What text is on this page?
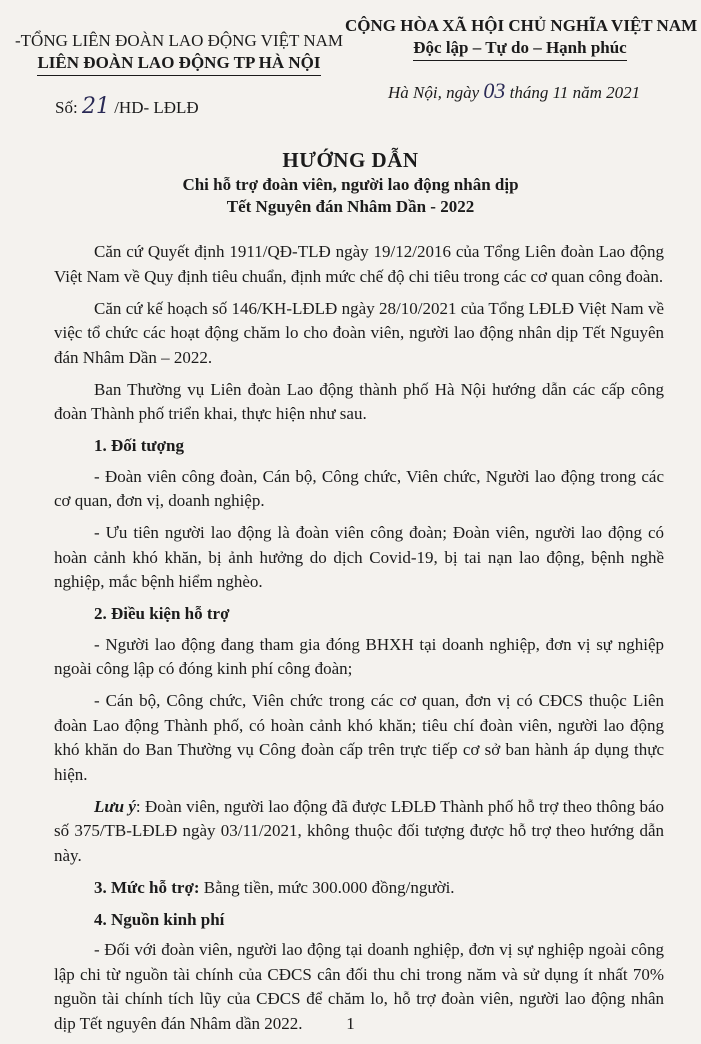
-TỔNG LIÊN ĐOÀN LAO ĐỘNG VIỆT NAM
LIÊN ĐOÀN LAO ĐỘNG TP HÀ NỘI
CỘNG HÒA XÃ HỘI CHỦ NGHĨA VIỆT NAM
Độc lập – Tự do – Hạnh phúc
Số: 21 /HD- LĐLĐ
Hà Nội, ngày 03 tháng 11 năm 2021
HƯỚNG DẪN
Chi hỗ trợ đoàn viên, người lao động nhân dịp
Tết Nguyên đán Nhâm Dần - 2022

Căn cứ Quyết định 1911/QĐ-TLĐ ngày 19/12/2016 của Tổng Liên đoàn Lao động Việt Nam về Quy định tiêu chuẩn, định mức chế độ chi tiêu trong các cơ quan công đoàn.

Căn cứ kế hoạch số 146/KH-LĐLĐ ngày 28/10/2021 của Tổng LĐLĐ Việt Nam về việc tổ chức các hoạt động chăm lo cho đoàn viên, người lao động nhân dịp Tết Nguyên đán Nhâm Dần – 2022.

Ban Thường vụ Liên đoàn Lao động thành phố Hà Nội hướng dẫn các cấp công đoàn Thành phố triển khai, thực hiện như sau.

1. Đối tượng

- Đoàn viên công đoàn, Cán bộ, Công chức, Viên chức, Người lao động trong các cơ quan, đơn vị, doanh nghiệp.

- Ưu tiên người lao động là đoàn viên công đoàn; Đoàn viên, người lao động có hoàn cảnh khó khăn, bị ảnh hưởng do dịch Covid-19, bị tai nạn lao động, bệnh nghề nghiệp, mắc bệnh hiểm nghèo.

2. Điều kiện hỗ trợ

- Người lao động đang tham gia đóng BHXH tại doanh nghiệp, đơn vị sự nghiệp ngoài công lập có đóng kinh phí công đoàn;

- Cán bộ, Công chức, Viên chức trong các cơ quan, đơn vị có CĐCS thuộc Liên đoàn Lao động Thành phố, có hoàn cảnh khó khăn; tiêu chí đoàn viên, người lao động khó khăn do Ban Thường vụ Công đoàn cấp trên trực tiếp cơ sở ban hành áp dụng thực hiện.

Lưu ý: Đoàn viên, người lao động đã được LĐLĐ Thành phố hỗ trợ theo thông báo số 375/TB-LĐLĐ ngày 03/11/2021, không thuộc đối tượng được hỗ trợ theo hướng dẫn này.

3. Mức hỗ trợ: Bằng tiền, mức 300.000 đồng/người.

4. Nguồn kinh phí

- Đối với đoàn viên, người lao động tại doanh nghiệp, đơn vị sự nghiệp ngoài công lập chi từ nguồn tài chính của CĐCS cân đối thu chi trong năm và sử dụng ít nhất 70% nguồn tài chính tích lũy của CĐCS để chăm lo, hỗ trợ đoàn viên, người lao động nhân dịp Tết nguyên đán Nhâm dần 2022.	1
